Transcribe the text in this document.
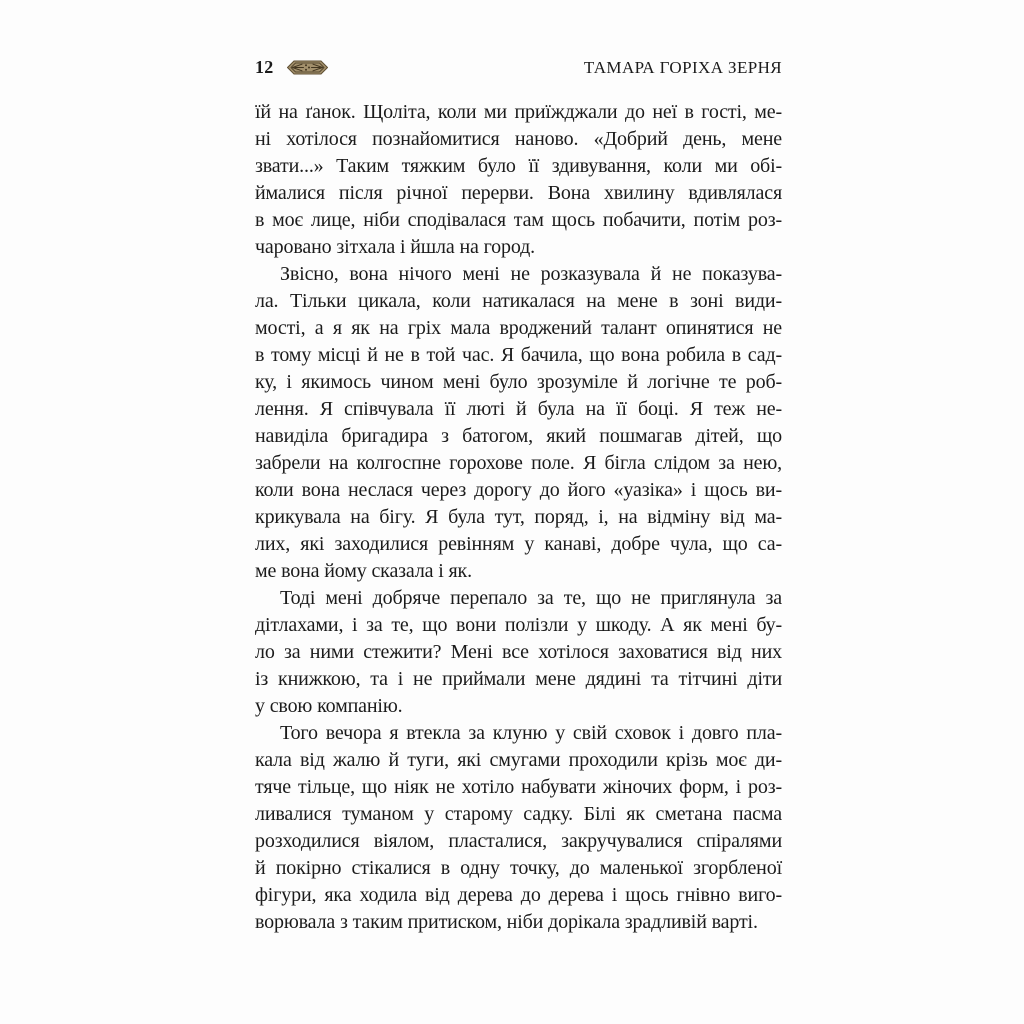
12	ТАМАРА ГОРІХА ЗЕРНЯ

їй на ґанок. Щоліта, коли ми приїжджали до неї в гості, ме-
ні хотілося познайомитися наново. «Добрий день, мене
звати...» Таким тяжким було її здивування, коли ми обі-
ймалися після річної перерви. Вона хвилину вдивлялася
в моє лице, ніби сподівалася там щось побачити, потім роз-
чаровано зітхала і йшла на город.

Звісно, вона нічого мені не розказувала й не показува-
ла. Тільки цикала, коли натикалася на мене в зоні види-
мості, а я як на гріх мала вроджений талант опинятися не
в тому місці й не в той час. Я бачила, що вона робила в сад-
ку, і якимось чином мені було зрозуміле й логічне те роб-
лення. Я співчувала її люті й була на її боці. Я теж не-
навиділа бригадира з батогом, який пошмагав дітей, що
забрели на колгоспне горохове поле. Я бігла слідом за нею,
коли вона неслася через дорогу до його «уазіка» і щось ви-
крикувала на бігу. Я була тут, поряд, і, на відміну від ма-
лих, які заходилися ревінням у канаві, добре чула, що са-
ме вона йому сказала і як.

Тоді мені добряче перепало за те, що не приглянула за
дітлахами, і за те, що вони полізли у шкоду. А як мені бу-
ло за ними стежити? Мені все хотілося заховатися від них
із книжкою, та і не приймали мене дядині та тітчині діти
у свою компанію.

Того вечора я втекла за клуню у свій сховок і довго пла-
кала від жалю й туги, які смугами проходили крізь моє ди-
тяче тільце, що ніяк не хотіло набувати жіночих форм, і роз-
ливалися туманом у старому садку. Білі як сметана пасма
розходилися віялом, пласталися, закручувалися спіралями
й покірно стікалися в одну точку, до маленької згорбленої
фігури, яка ходила від дерева до дерева і щось гнівно виго-
ворювала з таким притиском, ніби дорікала зрадливій варті.
